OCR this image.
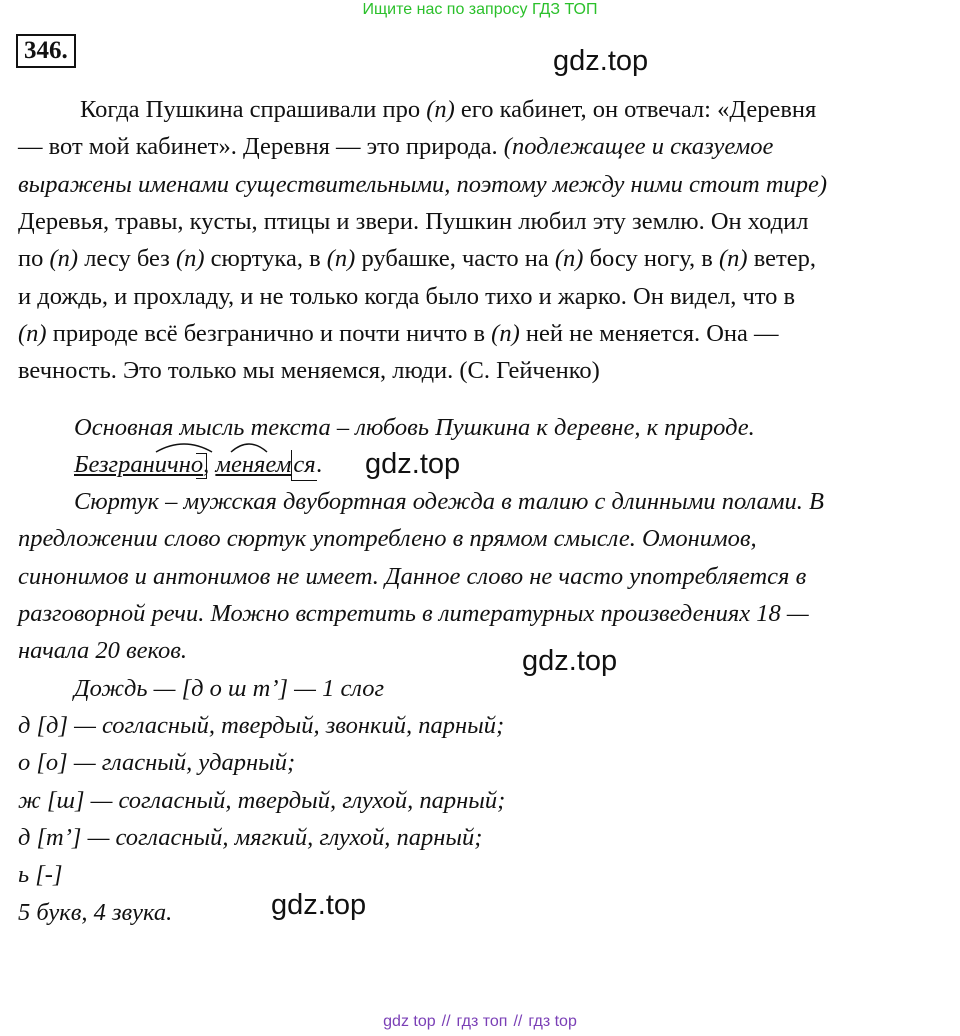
Ищите нас по запросу ГДЗ ТОП
346.	gdz.top
Когда Пушкина спрашивали про (п) его кабинет, он отвечал: «Деревня
— вот мой кабинет». Деревня — это природа. (подлежащее и сказуемое
выражены именами существительными, поэтому между ними стоит тире)
Деревья, травы, кусты, птицы и звери. Пушкин любил эту землю. Он ходил
по (п) лесу без (п) сюртука, в (п) рубашке, часто на (п) босу ногу, в (п) ветер,
и дождь, и прохладу, и не только когда было тихо и жарко. Он видел, что в
(п) природе всё безгранично и почти ничто в (п) ней не меняется. Она —
вечность. Это только мы меняемся, люди. (С. Гейченко)
Основная мысль текста – любовь Пушкина к деревне, к природе.
Безгранично
, меняем
ся. gdz.top
Сюртук – мужская двубортная одежда в талию с длинными полами. В
предложении слово сюртук употреблено в прямом смысле. Омонимов,
синонимов и антонимов не имеет. Данное слово не часто употребляется в
разговорной речи. Можно встретить в литературных произведениях 18 —
начала 20 веков.	gdz.top
Дождь — [д о ш т’] — 1 слог
д [д] — согласный, твердый, звонкий, парный;
о [о] — гласный, ударный;
ж [ш] — согласный, твердый, глухой, парный;
д [т’] — согласный, мягкий, глухой, парный;
ь [-]
5 букв, 4 звука.	gdz.top
gdz top // гдз топ // гдз top
